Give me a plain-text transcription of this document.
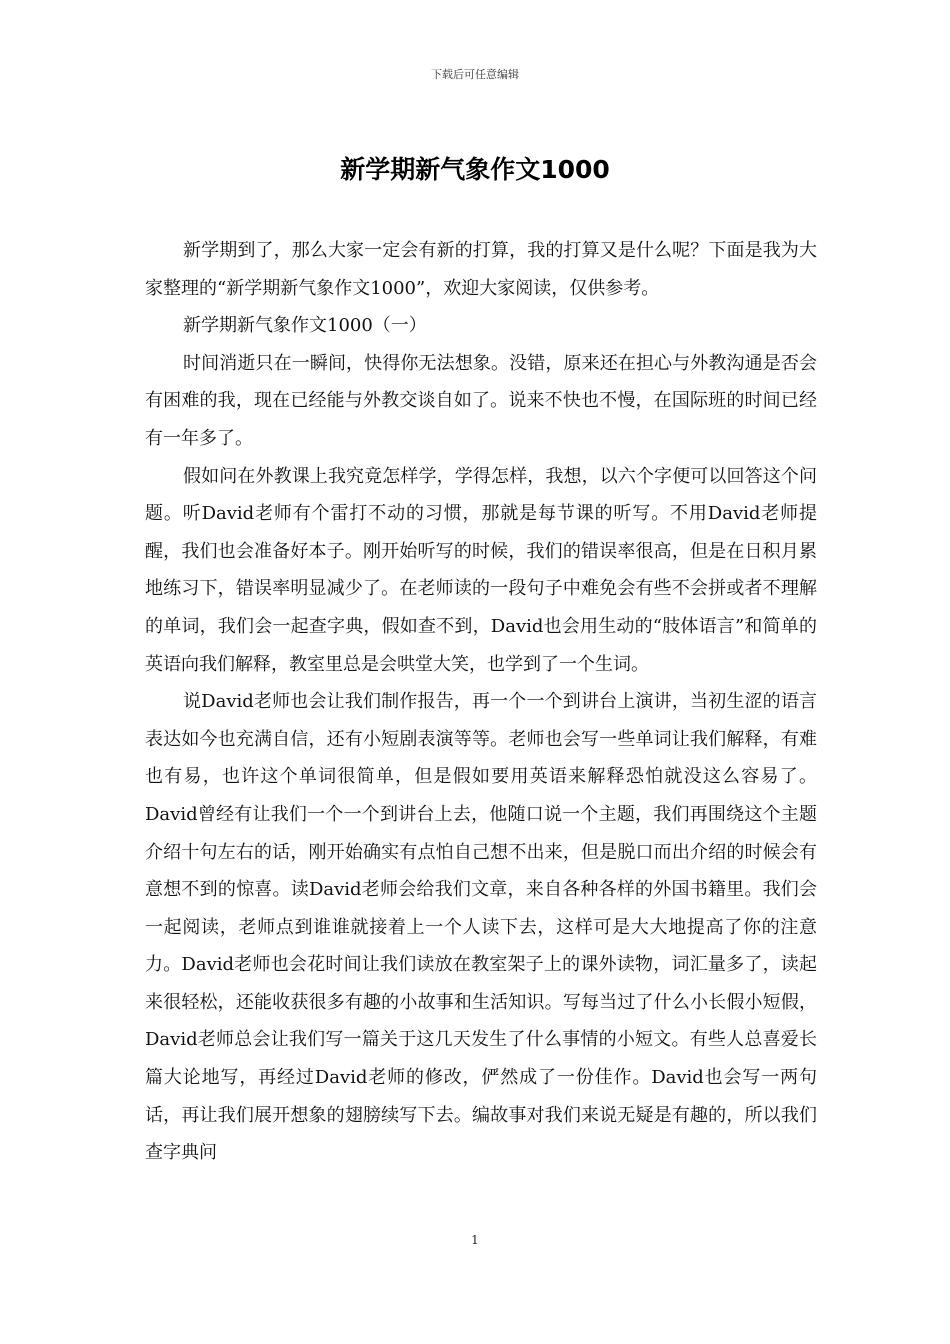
下载后可任意编辑
新学期新气象作文1000

新学期到了，那么大家一定会有新的打算，我的打算又是什么呢？下面是我为大家整理的“新学期新气象作文1000”，欢迎大家阅读，仅供参考。

新学期新气象作文1000（一）

时间消逝只在一瞬间，快得你无法想象。没错，原来还在担心与外教沟通是否会有困难的我，现在已经能与外教交谈自如了。说来不快也不慢，在国际班的时间已经有一年多了。

假如问在外教课上我究竟怎样学，学得怎样，我想，以六个字便可以回答这个问题。听David老师有个雷打不动的习惯，那就是每节课的听写。不用David老师提醒，我们也会准备好本子。刚开始听写的时候，我们的错误率很高，但是在日积月累地练习下，错误率明显减少了。在老师读的一段句子中难免会有些不会拼或者不理解的单词，我们会一起查字典，假如查不到，David也会用生动的“肢体语言”和简单的英语向我们解释，教室里总是会哄堂大笑，也学到了一个生词。

说David老师也会让我们制作报告，再一个一个到讲台上演讲，当初生涩的语言表达如今也充满自信，还有小短剧表演等等。老师也会写一些单词让我们解释，有难也有易，也许这个单词很简单，但是假如要用英语来解释恐怕就没这么容易了。David曾经有让我们一个一个到讲台上去，他随口说一个主题，我们再围绕这个主题介绍十句左右的话，刚开始确实有点怕自己想不出来，但是脱口而出介绍的时候会有意想不到的惊喜。读David老师会给我们文章，来自各种各样的外国书籍里。我们会一起阅读，老师点到谁谁就接着上一个人读下去，这样可是大大地提高了你的注意力。David老师也会花时间让我们读放在教室架子上的课外读物，词汇量多了，读起来很轻松，还能收获很多有趣的小故事和生活知识。写每当过了什么小长假小短假，David老师总会让我们写一篇关于这几天发生了什么事情的小短文。有些人总喜爱长篇大论地写，再经过David老师的修改，俨然成了一份佳作。David也会写一两句话，再让我们展开想象的翅膀续写下去。编故事对我们来说无疑是有趣的，所以我们查字典问

1
